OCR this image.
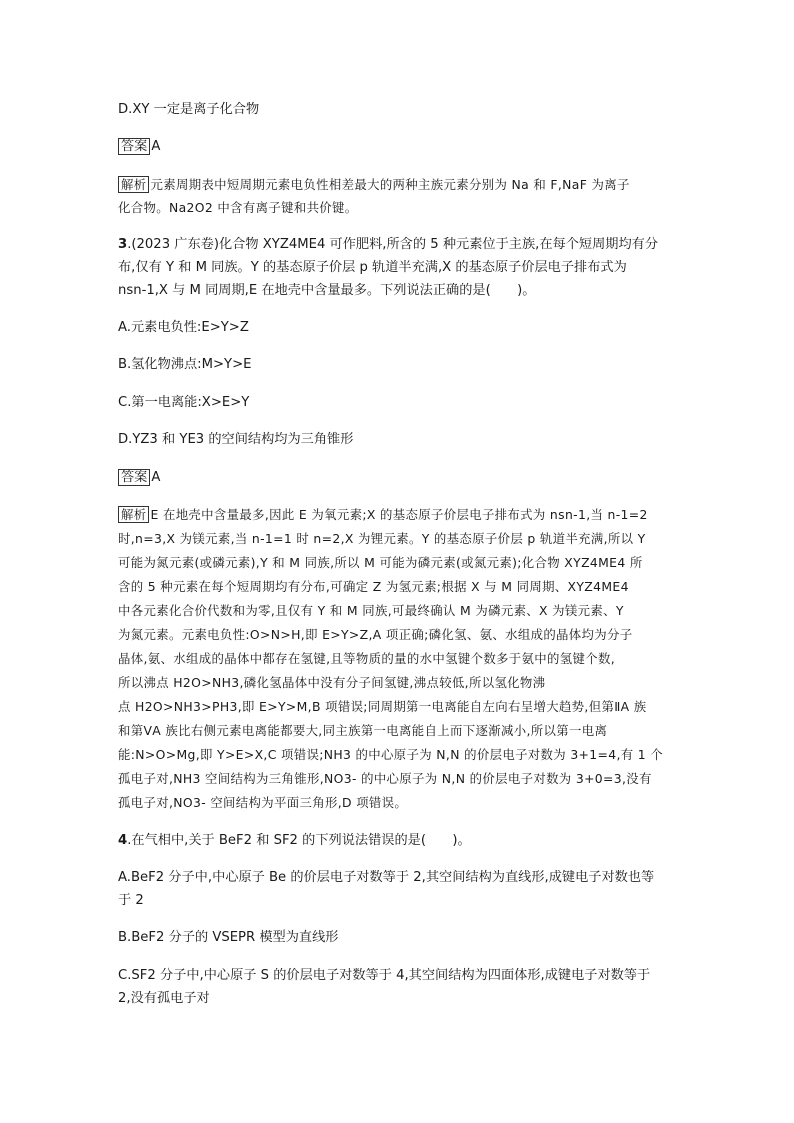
D.XY 一定是离子化合物
答案 A
解析 元素周期表中短周期元素电负性相差最大的两种主族元素分别为 Na 和 F,NaF 为离子
化合物。Na2O2 中含有离子键和共价键。
3.(2023 广东卷)化合物 XYZ4ME4 可作肥料,所含的 5 种元素位于主族,在每个短周期均有分
布,仅有 Y 和 M 同族。Y 的基态原子价层 p 轨道半充满,X 的基态原子价层电子排布式为
nsn-1,X 与 M 同周期,E 在地壳中含量最多。下列说法正确的是(　　)。
A.元素电负性:E>Y>Z
B.氢化物沸点:M>Y>E
C.第一电离能:X>E>Y
D.YZ3 和 YE3 的空间结构均为三角锥形
答案 A
解析 E 在地壳中含量最多,因此 E 为氧元素;X 的基态原子价层电子排布式为 nsn-1,当 n-1=2
时,n=3,X 为镁元素,当 n-1=1 时 n=2,X 为锂元素。Y 的基态原子价层 p 轨道半充满,所以 Y
可能为氮元素(或磷元素),Y 和 M 同族,所以 M 可能为磷元素(或氮元素);化合物 XYZ4ME4 所
含的 5 种元素在每个短周期均有分布,可确定 Z 为氢元素;根据 X 与 M 同周期、XYZ4ME4
中各元素化合价代数和为零,且仅有 Y 和 M 同族,可最终确认 M 为磷元素、X 为镁元素、Y
为氮元素。元素电负性:O>N>H,即 E>Y>Z,A 项正确;磷化氢、氨、水组成的晶体均为分子
晶体,氨、水组成的晶体中都存在氢键,且等物质的量的水中氢键个数多于氨中的氢键个数,
所以沸点 H2O>NH3,磷化氢晶体中没有分子间氢键,沸点较低,所以氢化物沸
点 H2O>NH3>PH3,即 E>Y>M,B 项错误;同周期第一电离能自左向右呈增大趋势,但第ⅡA 族
和第ⅤA 族比右侧元素电离能都要大,同主族第一电离能自上而下逐渐减小,所以第一电离
能:N>O>Mg,即 Y>E>X,C 项错误;NH3 的中心原子为 N,N 的价层电子对数为 3+1=4,有 1 个
孤电子对,NH3 空间结构为三角锥形,NO3- 的中心原子为 N,N 的价层电子对数为 3+0=3,没有
孤电子对,NO3- 空间结构为平面三角形,D 项错误。
4.在气相中,关于 BeF2 和 SF2 的下列说法错误的是(　　)。
A.BeF2 分子中,中心原子 Be 的价层电子对数等于 2,其空间结构为直线形,成键电子对数也等
于 2
B.BeF2 分子的 VSEPR 模型为直线形
C.SF2 分子中,中心原子 S 的价层电子对数等于 4,其空间结构为四面体形,成键电子对数等于
2,没有孤电子对
